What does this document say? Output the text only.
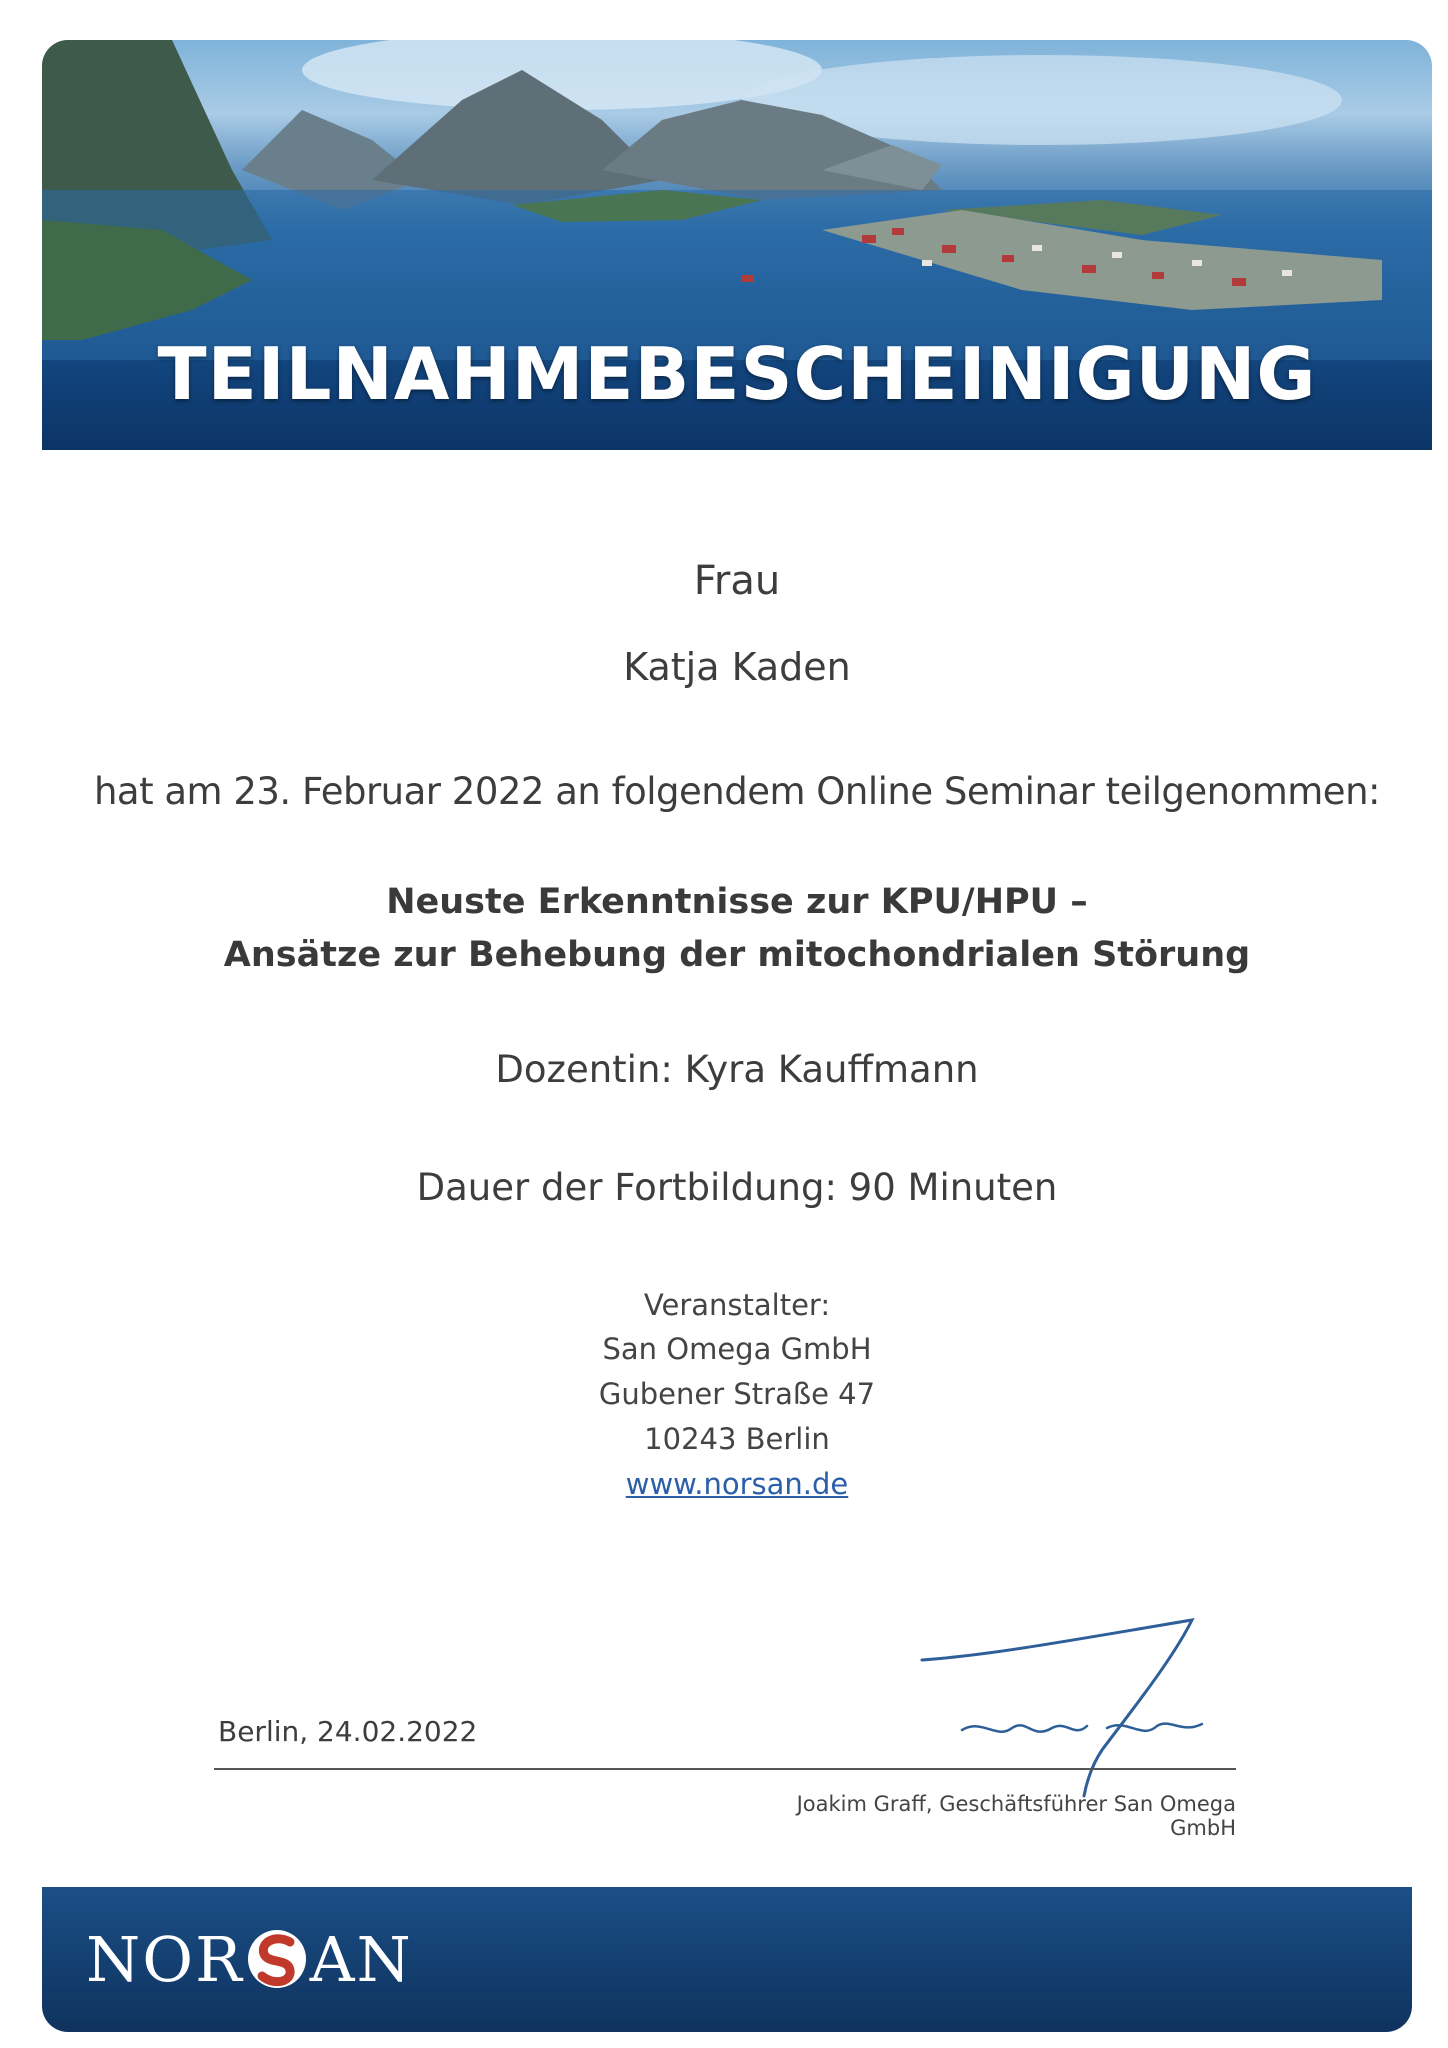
TEILNAHMEBESCHEINIGUNG
Frau
Katja Kaden
hat am 23. Februar 2022 an folgendem Online Seminar teilgenommen:
Neuste Erkenntnisse zur KPU/HPU –
Ansätze zur Behebung der mitochondrialen Störung
Dozentin: Kyra Kauffmann
Dauer der Fortbildung: 90 Minuten
Veranstalter:
San Omega GmbH
Gubener Straße 47
10243 Berlin
www.norsan.de
Berlin, 24.02.2022
Joakim Graff, Geschäftsführer San Omega GmbH
NOR AN
